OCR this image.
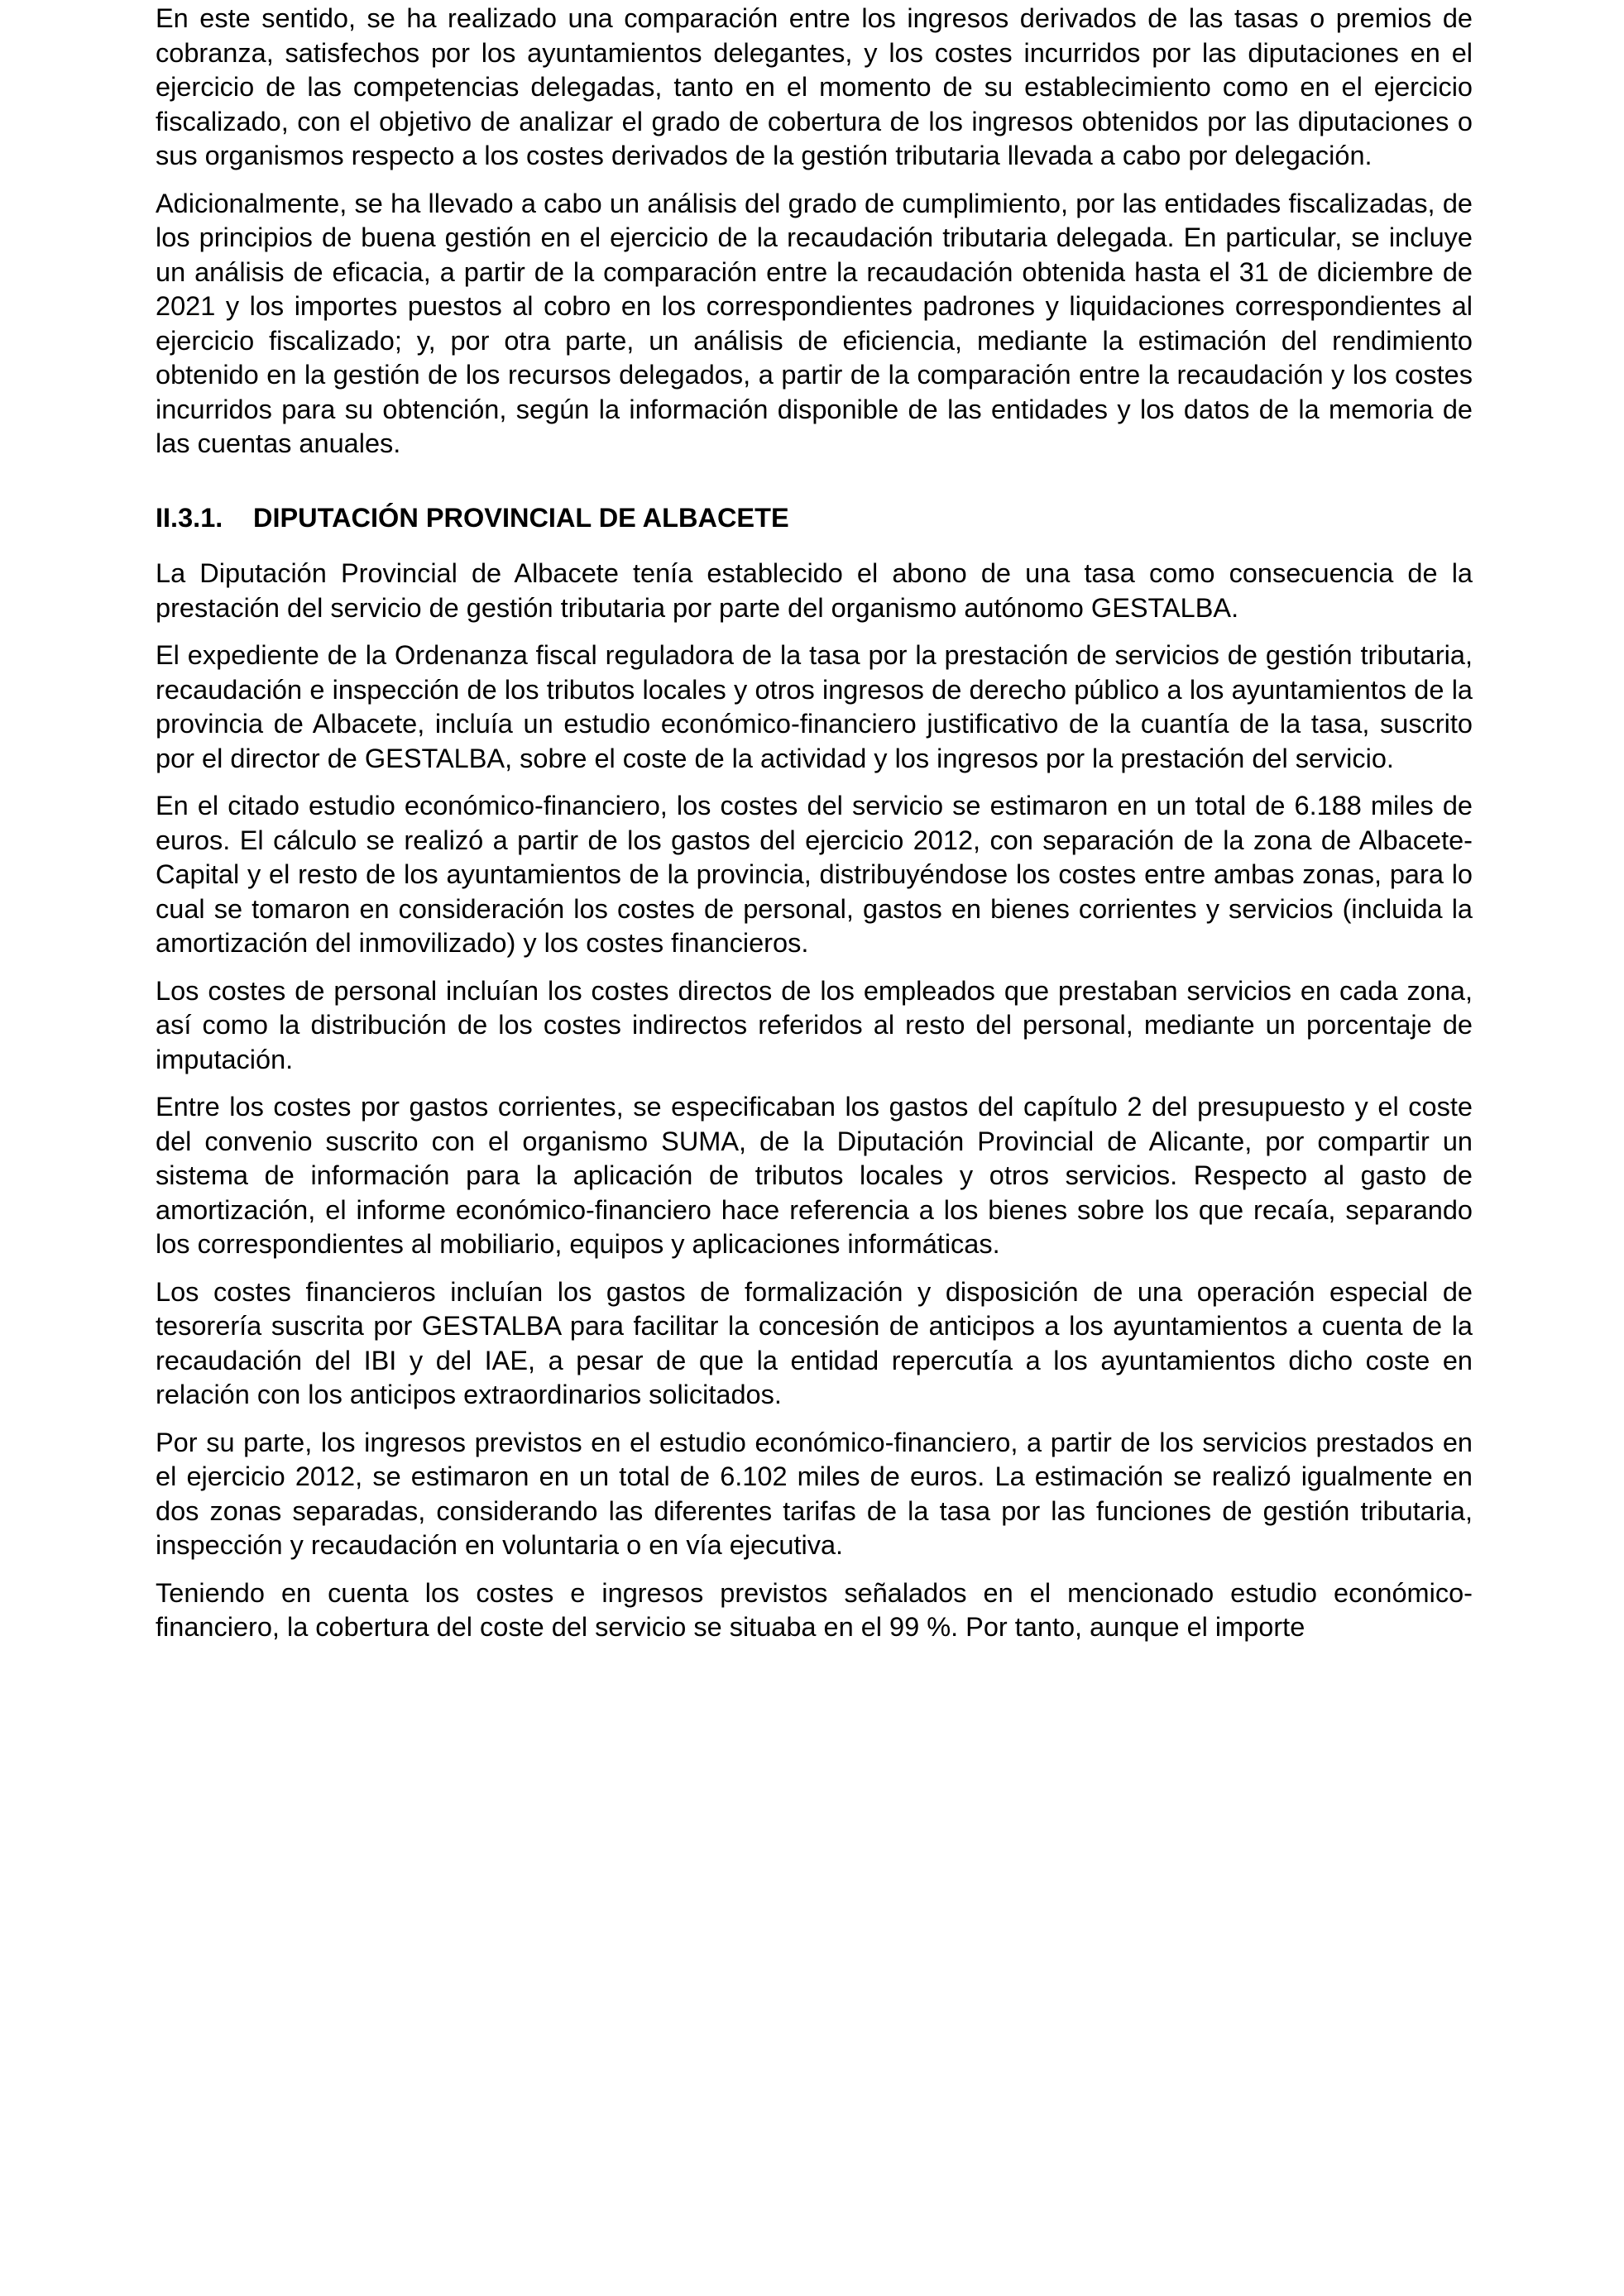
En este sentido, se ha realizado una comparación entre los ingresos derivados de las tasas o premios de cobranza, satisfechos por los ayuntamientos delegantes, y los costes incurridos por las diputaciones en el ejercicio de las competencias delegadas, tanto en el momento de su establecimiento como en el ejercicio fiscalizado, con el objetivo de analizar el grado de cobertura de los ingresos obtenidos por las diputaciones o sus organismos respecto a los costes derivados de la gestión tributaria llevada a cabo por delegación.

Adicionalmente, se ha llevado a cabo un análisis del grado de cumplimiento, por las entidades fiscalizadas, de los principios de buena gestión en el ejercicio de la recaudación tributaria delegada. En particular, se incluye un análisis de eficacia, a partir de la comparación entre la recaudación obtenida hasta el 31 de diciembre de 2021 y los importes puestos al cobro en los correspondientes padrones y liquidaciones correspondientes al ejercicio fiscalizado; y, por otra parte, un análisis de eficiencia, mediante la estimación del rendimiento obtenido en la gestión de los recursos delegados, a partir de la comparación entre la recaudación y los costes incurridos para su obtención, según la información disponible de las entidades y los datos de la memoria de las cuentas anuales.

II.3.1. DIPUTACIÓN PROVINCIAL DE ALBACETE

La Diputación Provincial de Albacete tenía establecido el abono de una tasa como consecuencia de la prestación del servicio de gestión tributaria por parte del organismo autónomo GESTALBA.

El expediente de la Ordenanza fiscal reguladora de la tasa por la prestación de servicios de gestión tributaria, recaudación e inspección de los tributos locales y otros ingresos de derecho público a los ayuntamientos de la provincia de Albacete, incluía un estudio económico-financiero justificativo de la cuantía de la tasa, suscrito por el director de GESTALBA, sobre el coste de la actividad y los ingresos por la prestación del servicio.

En el citado estudio económico-financiero, los costes del servicio se estimaron en un total de 6.188 miles de euros. El cálculo se realizó a partir de los gastos del ejercicio 2012, con separación de la zona de Albacete-Capital y el resto de los ayuntamientos de la provincia, distribuyéndose los costes entre ambas zonas, para lo cual se tomaron en consideración los costes de personal, gastos en bienes corrientes y servicios (incluida la amortización del inmovilizado) y los costes financieros.

Los costes de personal incluían los costes directos de los empleados que prestaban servicios en cada zona, así como la distribución de los costes indirectos referidos al resto del personal, mediante un porcentaje de imputación.

Entre los costes por gastos corrientes, se especificaban los gastos del capítulo 2 del presupuesto y el coste del convenio suscrito con el organismo SUMA, de la Diputación Provincial de Alicante, por compartir un sistema de información para la aplicación de tributos locales y otros servicios. Respecto al gasto de amortización, el informe económico-financiero hace referencia a los bienes sobre los que recaía, separando los correspondientes al mobiliario, equipos y aplicaciones informáticas.

Los costes financieros incluían los gastos de formalización y disposición de una operación especial de tesorería suscrita por GESTALBA para facilitar la concesión de anticipos a los ayuntamientos a cuenta de la recaudación del IBI y del IAE, a pesar de que la entidad repercutía a los ayuntamientos dicho coste en relación con los anticipos extraordinarios solicitados.

Por su parte, los ingresos previstos en el estudio económico-financiero, a partir de los servicios prestados en el ejercicio 2012, se estimaron en un total de 6.102 miles de euros. La estimación se realizó igualmente en dos zonas separadas, considerando las diferentes tarifas de la tasa por las funciones de gestión tributaria, inspección y recaudación en voluntaria o en vía ejecutiva.

Teniendo en cuenta los costes e ingresos previstos señalados en el mencionado estudio económico-financiero, la cobertura del coste del servicio se situaba en el 99 %. Por tanto, aunque el importe
